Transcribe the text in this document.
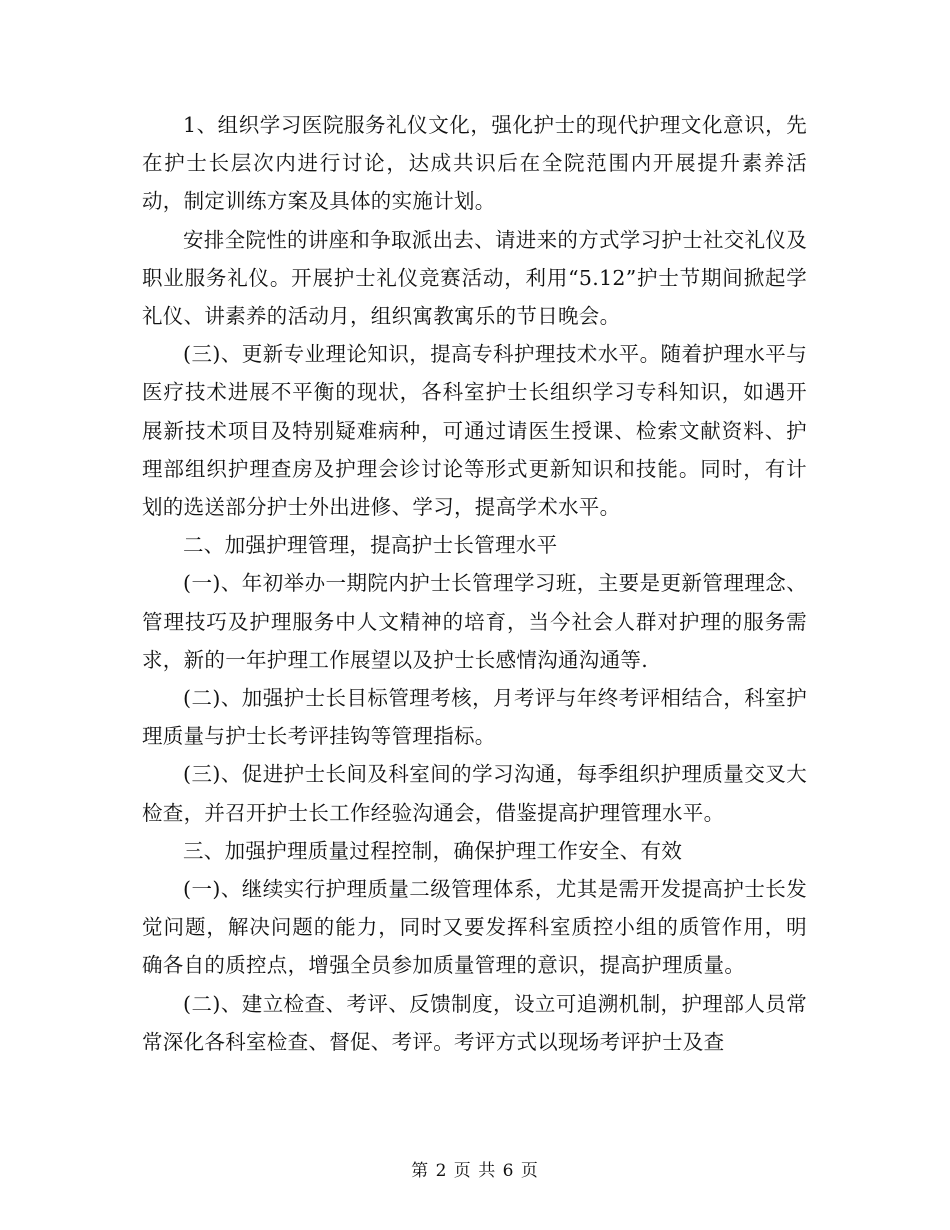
1、组织学习医院服务礼仪文化，强化护士的现代护理文化意识，先在护士长层次内进行讨论，达成共识后在全院范围内开展提升素养活动，制定训练方案及具体的实施计划。

安排全院性的讲座和争取派出去、请进来的方式学习护士社交礼仪及职业服务礼仪。开展护士礼仪竞赛活动，利用“5.12”护士节期间掀起学礼仪、讲素养的活动月，组织寓教寓乐的节日晚会。

(三)、更新专业理论知识，提高专科护理技术水平。随着护理水平与医疗技术进展不平衡的现状，各科室护士长组织学习专科知识，如遇开展新技术项目及特别疑难病种，可通过请医生授课、检索文献资料、护理部组织护理查房及护理会诊讨论等形式更新知识和技能。同时，有计划的选送部分护士外出进修、学习，提高学术水平。

二、加强护理管理，提高护士长管理水平

(一)、年初举办一期院内护士长管理学习班，主要是更新管理理念、管理技巧及护理服务中人文精神的培育，当今社会人群对护理的服务需求，新的一年护理工作展望以及护士长感情沟通沟通等.

(二)、加强护士长目标管理考核，月考评与年终考评相结合，科室护理质量与护士长考评挂钩等管理指标。

(三)、促进护士长间及科室间的学习沟通，每季组织护理质量交叉大检查，并召开护士长工作经验沟通会，借鉴提高护理管理水平。

三、加强护理质量过程控制，确保护理工作安全、有效

(一)、继续实行护理质量二级管理体系，尤其是需开发提高护士长发觉问题，解决问题的能力，同时又要发挥科室质控小组的质管作用，明确各自的质控点，增强全员参加质量管理的意识，提高护理质量。

(二)、建立检查、考评、反馈制度，设立可追溯机制，护理部人员常常深化各科室检查、督促、考评。考评方式以现场考评护士及查

第 2 页 共 6 页
